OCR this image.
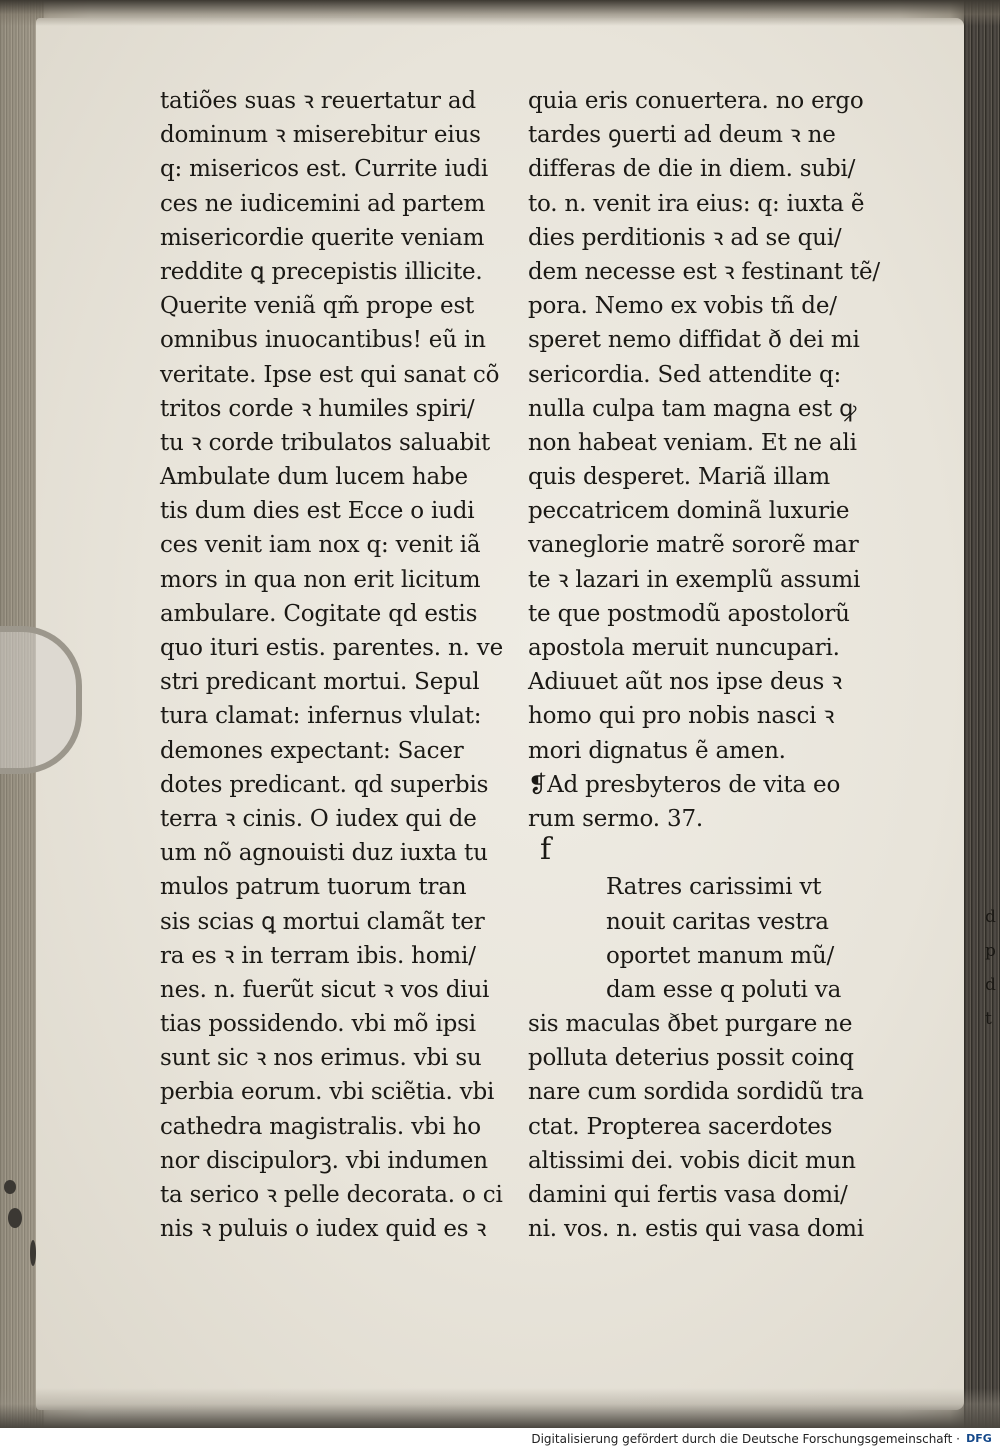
tatiões suas ꝛ reuertatur ad
dominum ꝛ miserebitur eius
q: misericos est. Currite iudi
ces ne iudicemini ad partem
misericordie querite veniam
reddite ꝗ precepistis illicite.
Querite veniã qm̃ prope est
omnibus inuocantibus! eũ in
veritate. Ipse est qui sanat cõ
tritos corde ꝛ humiles spiri/
tu ꝛ corde tribulatos saluabit
Ambulate dum lucem habe
tis dum dies est Ecce o iudi
ces venit iam nox q: venit iã
mors in qua non erit licitum
ambulare. Cogitate qd estis
quo ituri estis. parentes. n. ve
stri predicant mortui. Sepul
tura clamat: infernus vlulat:
demones expectant: Sacer
dotes predicant. qd superbis
terra ꝛ cinis. O iudex qui de
um nõ agnouisti duz iuxta tu
mulos patrum tuorum tran
sis scias ꝗ mortui clamãt ter
ra es ꝛ in terram ibis. homi/
nes. n. fuerũt sicut ꝛ vos diui
tias possidendo. vbi mõ ipsi
sunt sic ꝛ nos erimus. vbi su
perbia eorum. vbi sciẽtia. vbi
cathedra magistralis. vbi ho
nor discipulorꝫ. vbi indumen
ta serico ꝛ pelle decorata. o ci
nis ꝛ puluis o iudex quid es ꝛ
quia eris conuertera. no ergo
tardes ꝯuerti ad deum ꝛ ne
differas de die in diem. subi/
to. n. venit ira eius: q: iuxta ẽ
dies perditionis ꝛ ad se qui/
dem necesse est ꝛ festinant tẽ/
pora. Nemo ex vobis tñ de/
speret nemo diffidat ð dei mi
sericordia. Sed attendite q:
nulla culpa tam magna est ꝙ
non habeat veniam. Et ne ali
quis desperet. Mariã illam
peccatricem dominã luxurie
vaneglorie matrẽ sororẽ mar
te ꝛ lazari in exemplũ assumi
te que postmodũ apostolorũ
apostola meruit nuncupari.
Adiuuet aũt nos ipse deus ꝛ
homo qui pro nobis nasci ꝛ
mori dignatus ẽ amen.
❡Ad presbyteros de vita eo
rum sermo. 37.
Ratres carissimi vt
nouit caritas vestra
oportet manum mũ/
dam esse q poluti va
sis maculas ðbet purgare ne
polluta deterius possit coinq
nare cum sordida sordidũ tra
ctat. Propterea sacerdotes
altissimi dei. vobis dicit mun
damini qui fertis vasa domi/
ni. vos. n. estis qui vasa domi
f
d
p
d
t
Digitalisierung gefördert durch die Deutsche Forschungsgemeinschaft · DFG
